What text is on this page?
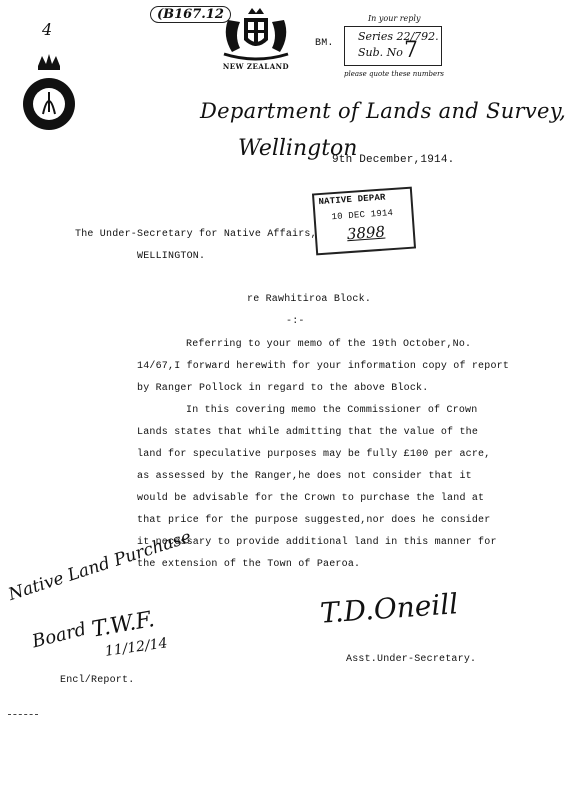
(B167.12
4
NEW ZEALAND
BM.
In your reply
Series 22/792.
Sub. No 7
please quote these numbers
Department of Lands and Survey,
Wellington
9th December,1914.
NATIVE DEPAR
10 DEC 1914
3898
The Under-Secretary for Native Affairs,
WELLINGTON.
re Rawhitiroa Block.
-:-
Referring to your memo of the 19th October,No.
14/67,I forward herewith for your information copy of report
by Ranger Pollock in regard to the above Block.
In this covering memo the Commissioner of Crown
Lands states that while admitting that the value of the
land for speculative purposes may be fully £100 per acre,
as assessed by the Ranger,he does not consider that it
would be advisable for the Crown to purchase the land at
that price for the purpose suggested,nor does he consider
it necessary to provide additional land in this manner for
the extension of the Town of Paeroa.
Native Land Purchase
Board T.W.F.
11/12/14
T.D.Oneill
Asst.Under-Secretary.
Encl/Report.
